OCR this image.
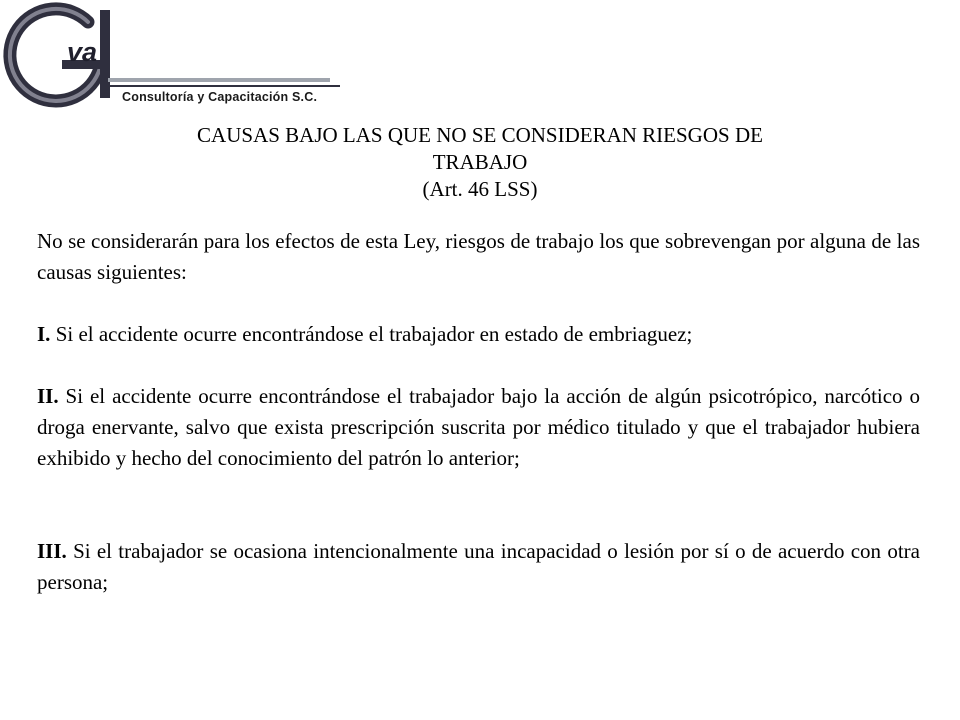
va
Consultoría y Capacitación S.C.
CAUSAS BAJO LAS QUE NO SE CONSIDERAN RIESGOS DE
TRABAJO
(Art. 46 LSS)

No se considerarán para los efectos de esta Ley, riesgos de trabajo los que sobrevengan por alguna de las causas siguientes:

I. Si el accidente ocurre encontrándose el trabajador en estado de embriaguez;

II. Si el accidente ocurre encontrándose el trabajador bajo la acción de algún psicotrópico, narcótico o droga enervante, salvo que exista prescripción suscrita por médico titulado y que el trabajador hubiera exhibido y hecho del conocimiento del patrón lo anterior;

III. Si el trabajador se ocasiona intencionalmente una incapacidad o lesión por sí o de acuerdo con otra persona;
